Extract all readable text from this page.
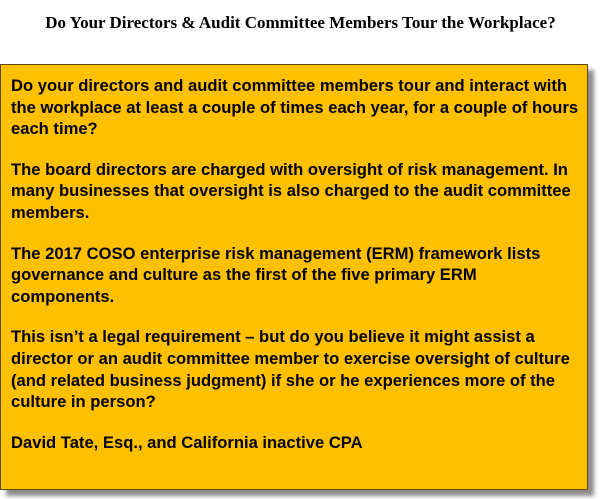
Do Your Directors & Audit Committee Members Tour the Workplace?

Do your directors and audit committee members tour and interact with the workplace at least a couple of times each year, for a couple of hours each time?

The board directors are charged with oversight of risk management. In many businesses that oversight is also charged to the audit committee members.

The 2017 COSO enterprise risk management (ERM) framework lists governance and culture as the first of the five primary ERM components.

This isn’t a legal requirement – but do you believe it might assist a director or an audit committee member to exercise oversight of culture (and related business judgment) if she or he experiences more of the culture in person?

David Tate, Esq., and California inactive CPA
